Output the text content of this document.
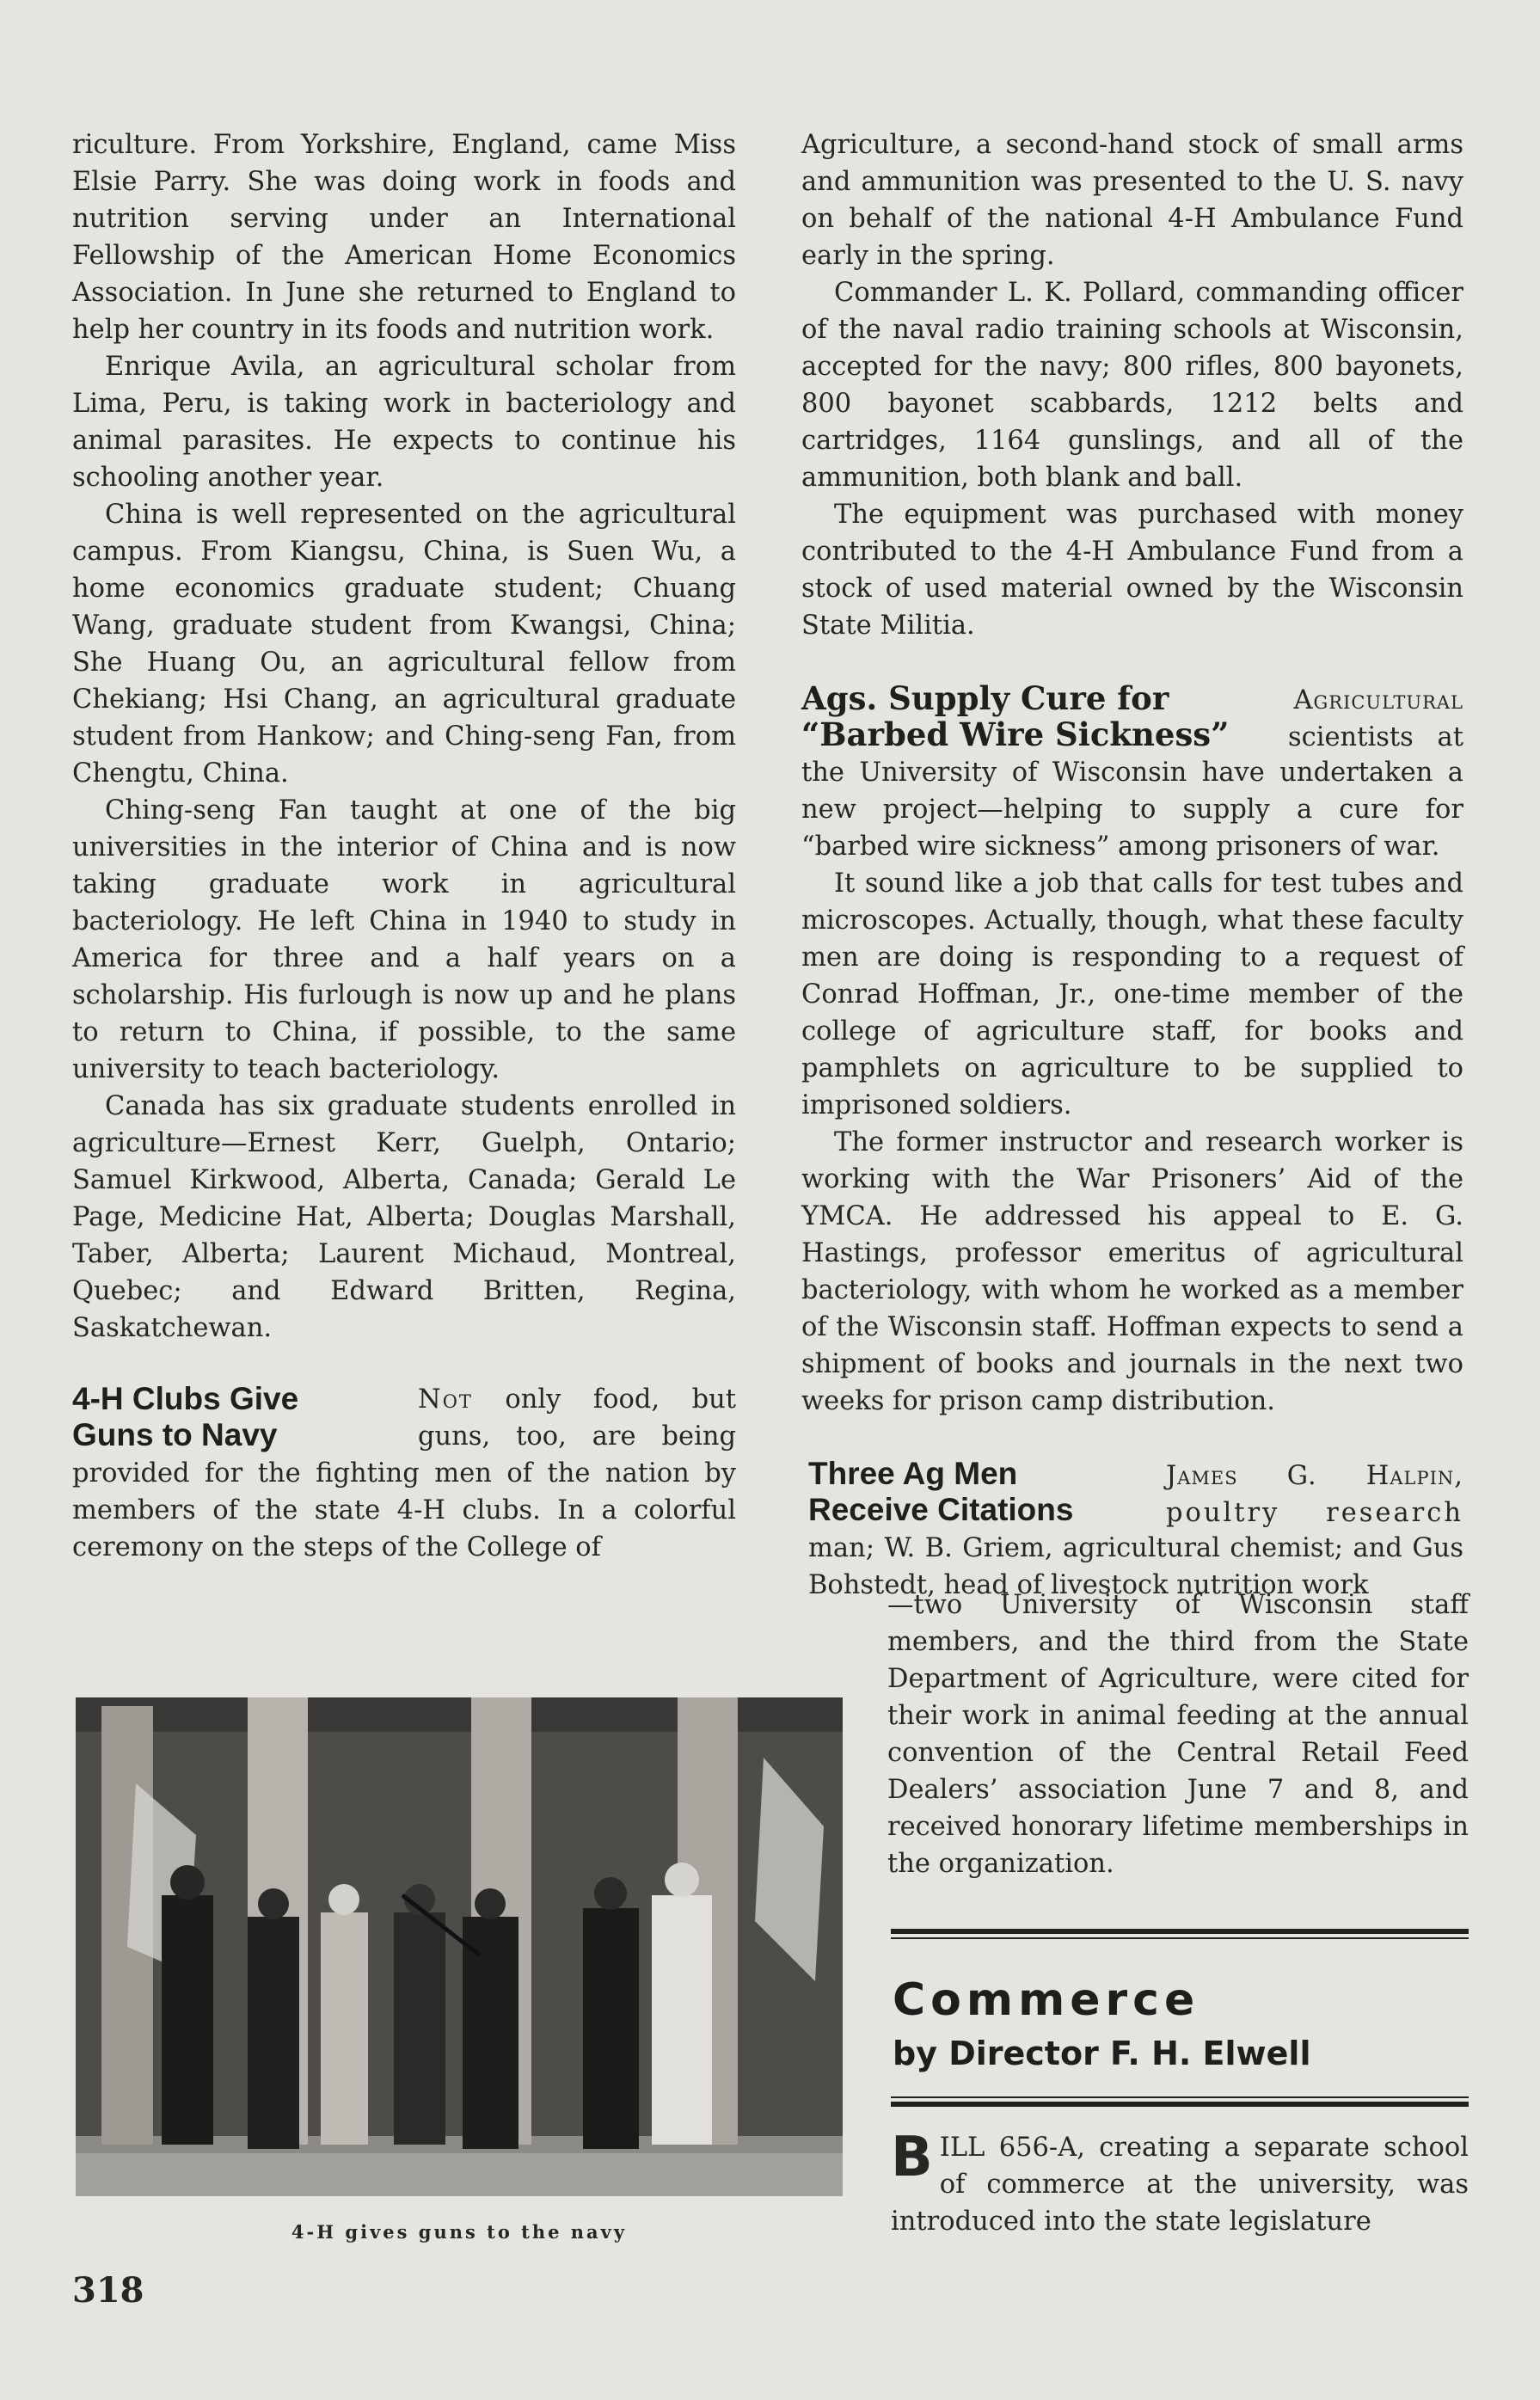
riculture. From Yorkshire, England, came Miss Elsie Parry. She was doing work in foods and nutrition serving under an International Fellowship of the American Home Economics Association. In June she returned to England to help her country in its foods and nutrition work.

Enrique Avila, an agricultural scholar from Lima, Peru, is taking work in bacteriology and animal parasites. He expects to continue his schooling another year.

China is well represented on the agricultural campus. From Kiangsu, China, is Suen Wu, a home economics graduate student; Chuang Wang, graduate student from Kwangsi, China; She Huang Ou, an agricultural fellow from Chekiang; Hsi Chang, an agricultural graduate student from Hankow; and Ching-seng Fan, from Chengtu, China.

Ching-seng Fan taught at one of the big universities in the interior of China and is now taking graduate work in agricultural bacteriology. He left China in 1940 to study in America for three and a half years on a scholarship. His furlough is now up and he plans to return to China, if possible, to the same university to teach bacteriology.

Canada has six graduate students enrolled in agriculture—Ernest Kerr, Guelph, Ontario; Samuel Kirkwood, Alberta, Canada; Gerald Le Page, Medicine Hat, Alberta; Douglas Marshall, Taber, Alberta; Laurent Michaud, Montreal, Quebec; and Edward Britten, Regina, Saskatchewan.

4-H Clubs Give
Guns to Navy
Not only food, but
guns, too, are being

provided for the fighting men of the nation by members of the state 4-H clubs. In a colorful ceremony on the steps of the College of

4-H gives guns to the navy
318

Agriculture, a second-hand stock of small arms and ammunition was presented to the U. S. navy on behalf of the national 4-H Ambulance Fund early in the spring.

Commander L. K. Pollard, commanding officer of the naval radio training schools at Wisconsin, accepted for the navy; 800 rifles, 800 bayonets, 800 bayonet scabbards, 1212 belts and cartridges, 1164 gunslings, and all of the ammunition, both blank and ball.

The equipment was purchased with money contributed to the 4-H Ambulance Fund from a stock of used material owned by the Wisconsin State Militia.

Ags. Supply Cure for
“Barbed Wire Sickness”
Agricultural
scientists at

the University of Wisconsin have undertaken a new project—helping to supply a cure for “barbed wire sickness” among prisoners of war.

It sound like a job that calls for test tubes and microscopes. Actually, though, what these faculty men are doing is responding to a request of Conrad Hoffman, Jr., one-time member of the college of agriculture staff, for books and pamphlets on agriculture to be supplied to imprisoned soldiers.

The former instructor and research worker is working with the War Prisoners’ Aid of the YMCA. He addressed his appeal to E. G. Hastings, professor emeritus of agricultural bacteriology, with whom he worked as a member of the Wisconsin staff. Hoffman expects to send a shipment of books and journals in the next two weeks for prison camp distribution.

Three Ag Men
Receive Citations
James G. Halpin,
poultry research

man; W. B. Griem, agricultural chemist; and Gus Bohstedt, head of livestock nutrition work

—two University of Wisconsin staff members, and the third from the State Department of Agriculture, were cited for their work in animal feeding at the annual convention of the Central Retail Feed Dealers’ association June 7 and 8, and received honorary lifetime memberships in the organization.

Commerce
by Director F. H. Elwell

BILL 656-A, creating a separate school of commerce at the university, was introduced into the state legislature
